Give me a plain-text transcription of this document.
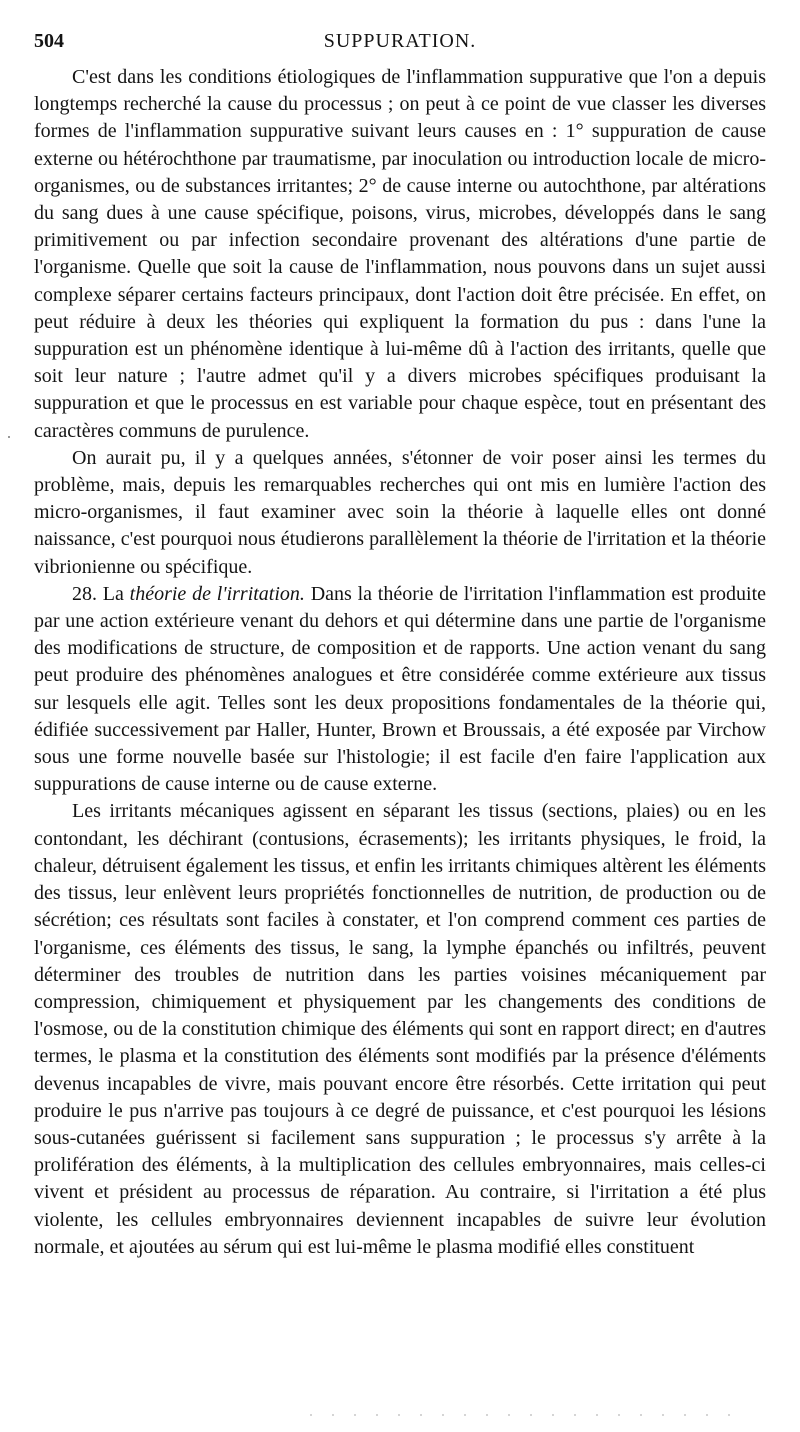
504	SUPPURATION.

C'est dans les conditions étiologiques de l'inflammation suppurative que l'on a depuis longtemps recherché la cause du processus ; on peut à ce point de vue classer les diverses formes de l'inflammation suppurative suivant leurs causes en : 1° suppuration de cause externe ou hétérochthone par traumatisme, par inoculation ou introduction locale de micro-organismes, ou de substances irritantes; 2° de cause interne ou autochthone, par altérations du sang dues à une cause spécifique, poisons, virus, microbes, développés dans le sang primitivement ou par infection secondaire provenant des altérations d'une partie de l'organisme. Quelle que soit la cause de l'inflammation, nous pouvons dans un sujet aussi complexe séparer certains facteurs principaux, dont l'action doit être précisée. En effet, on peut réduire à deux les théories qui expliquent la formation du pus : dans l'une la suppuration est un phénomène identique à lui-même dû à l'action des irritants, quelle que soit leur nature ; l'autre admet qu'il y a divers microbes spécifiques produisant la suppuration et que le processus en est variable pour chaque espèce, tout en présentant des caractères communs de purulence.

On aurait pu, il y a quelques années, s'étonner de voir poser ainsi les termes du problème, mais, depuis les remarquables recherches qui ont mis en lumière l'action des micro-organismes, il faut examiner avec soin la théorie à laquelle elles ont donné naissance, c'est pourquoi nous étudierons parallèlement la théorie de l'irritation et la théorie vibrionienne ou spécifique.

28. La théorie de l'irritation. Dans la théorie de l'irritation l'inflammation est produite par une action extérieure venant du dehors et qui détermine dans une partie de l'organisme des modifications de structure, de composition et de rapports. Une action venant du sang peut produire des phénomènes analogues et être considérée comme extérieure aux tissus sur lesquels elle agit. Telles sont les deux propositions fondamentales de la théorie qui, édifiée successivement par Haller, Hunter, Brown et Broussais, a été exposée par Virchow sous une forme nouvelle basée sur l'histologie; il est facile d'en faire l'application aux suppurations de cause interne ou de cause externe.

Les irritants mécaniques agissent en séparant les tissus (sections, plaies) ou en les contondant, les déchirant (contusions, écrasements); les irritants physiques, le froid, la chaleur, détruisent également les tissus, et enfin les irritants chimiques altèrent les éléments des tissus, leur enlèvent leurs propriétés fonctionnelles de nutrition, de production ou de sécrétion; ces résultats sont faciles à constater, et l'on comprend comment ces parties de l'organisme, ces éléments des tissus, le sang, la lymphe épanchés ou infiltrés, peuvent déterminer des troubles de nutrition dans les parties voisines mécaniquement par compression, chimiquement et physiquement par les changements des conditions de l'osmose, ou de la constitution chimique des éléments qui sont en rapport direct; en d'autres termes, le plasma et la constitution des éléments sont modifiés par la présence d'éléments devenus incapables de vivre, mais pouvant encore être résorbés. Cette irritation qui peut produire le pus n'arrive pas toujours à ce degré de puissance, et c'est pourquoi les lésions sous-cutanées guérissent si facilement sans suppuration ; le processus s'y arrête à la prolifération des éléments, à la multiplication des cellules embryonnaires, mais celles-ci vivent et président au processus de réparation. Au contraire, si l'irritation a été plus violente, les cellules embryonnaires deviennent incapables de suivre leur évolution normale, et ajoutées au sérum qui est lui-même le plasma modifié elles constituent
